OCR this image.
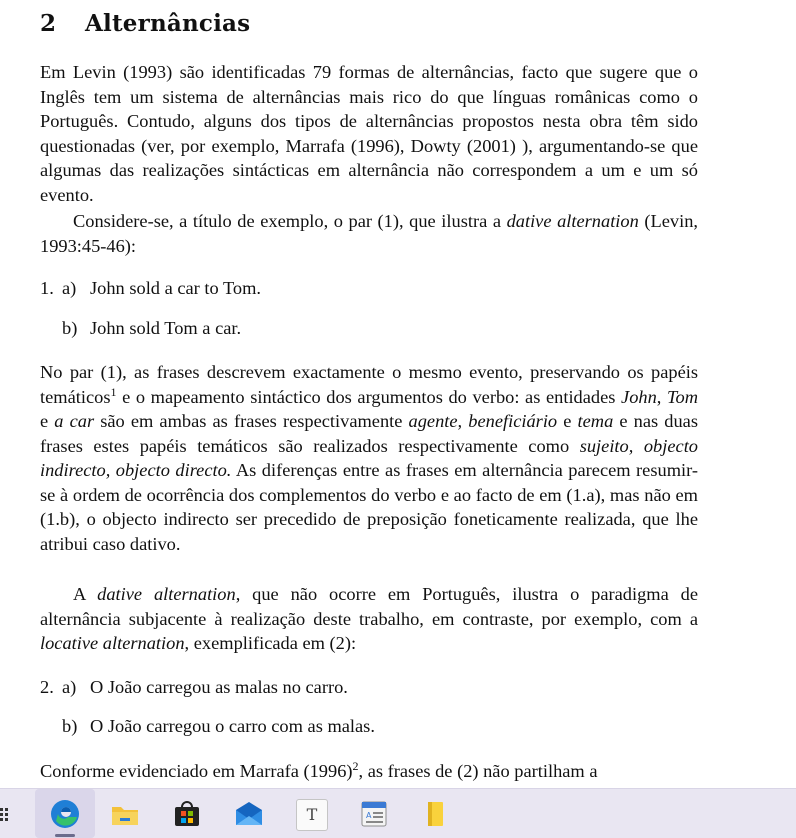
2 Alternâncias

Em Levin (1993) são identificadas 79 formas de alternâncias, facto que sugere que o Inglês tem um sistema de alternâncias mais rico do que línguas românicas como o Português. Contudo, alguns dos tipos de alternâncias propostos nesta obra têm sido questionadas (ver, por exemplo, Marrafa (1996), Dowty (2001) ), argumentando-se que algumas das realizações sintácticas em alternância não correspondem a um e um só evento.

Considere-se, a título de exemplo, o par (1), que ilustra a dative alternation (Levin, 1993:45-46):

1. a) John sold a car to Tom.
b) John sold Tom a car.

No par (1), as frases descrevem exactamente o mesmo evento, preservando os papéis temáticos$^1$ e o mapeamento sintáctico dos argumentos do verbo: as entidades John, Tom e a car são em ambas as frases respectivamente agente, beneficiário e tema e nas duas frases estes papéis temáticos são realizados respectivamente como sujeito, objecto indirecto, objecto directo. As diferenças entre as frases em alternância parecem resumir-se à ordem de ocorrência dos complementos do verbo e ao facto de em (1.a), mas não em (1.b), o objecto indirecto ser precedido de preposição foneticamente realizada, que lhe atribui caso dativo.

A dative alternation, que não ocorre em Português, ilustra o paradigma de alternância subjacente à realização deste trabalho, em contraste, por exemplo, com a locative alternation, exemplificada em (2):

2. a) O João carregou as malas no carro.
b) O João carregou o carro com as malas.

Conforme evidenciado em Marrafa $(1996)^2$, as frases de (2) não partilham a

T	A
